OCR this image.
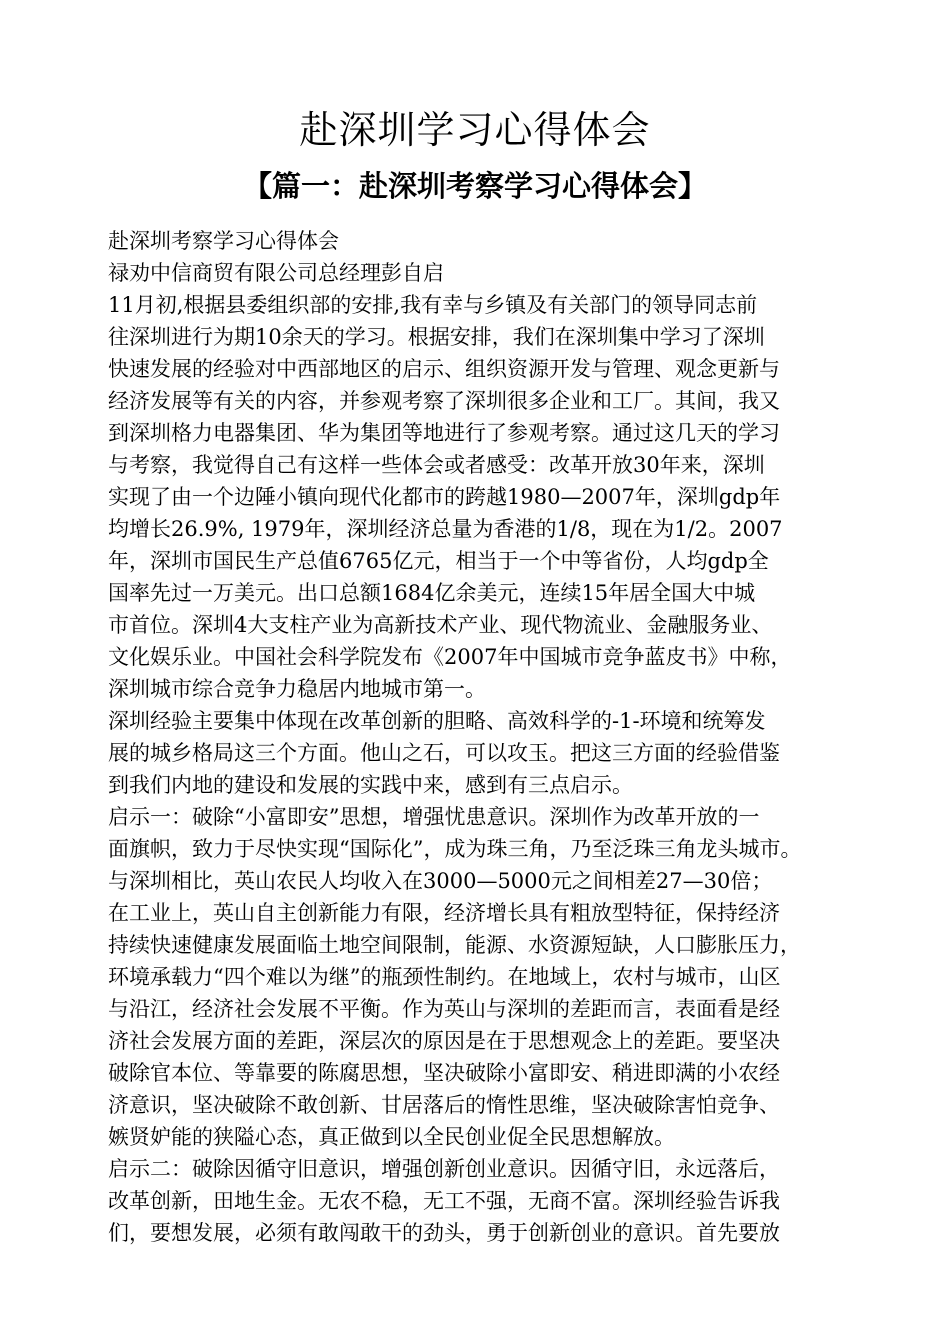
赴深圳学习心得体会
【篇一：赴深圳考察学习心得体会】
赴深圳考察学习心得体会
禄劝中信商贸有限公司总经理彭自启
11月初,根据县委组织部的安排,我有幸与乡镇及有关部门的领导同志前
往深圳进行为期10余天的学习。根据安排，我们在深圳集中学习了深圳
快速发展的经验对中西部地区的启示、组织资源开发与管理、观念更新与
经济发展等有关的内容，并参观考察了深圳很多企业和工厂。其间，我又
到深圳格力电器集团、华为集团等地进行了参观考察。通过这几天的学习
与考察，我觉得自己有这样一些体会或者感受：改革开放30年来，深圳
实现了由一个边陲小镇向现代化都市的跨越1980—2007年，深圳gdp年
均增长26.9%, 1979年，深圳经济总量为香港的1/8，现在为1/2。2007
年，深圳市国民生产总值6765亿元，相当于一个中等省份，人均gdp全
国率先过一万美元。出口总额1684亿余美元，连续15年居全国大中城
市首位。深圳4大支柱产业为高新技术产业、现代物流业、金融服务业、
文化娱乐业。中国社会科学院发布《2007年中国城市竞争蓝皮书》中称，
深圳城市综合竞争力稳居内地城市第一。
深圳经验主要集中体现在改革创新的胆略、高效科学的-1-环境和统筹发
展的城乡格局这三个方面。他山之石，可以攻玉。把这三方面的经验借鉴
到我们内地的建设和发展的实践中来，感到有三点启示。
启示一：破除“小富即安”思想，增强忧患意识。深圳作为改革开放的一
面旗帜，致力于尽快实现“国际化”，成为珠三角，乃至泛珠三角龙头城市。
与深圳相比，英山农民人均收入在3000—5000元之间相差27—30倍；
在工业上，英山自主创新能力有限，经济增长具有粗放型特征，保持经济
持续快速健康发展面临土地空间限制，能源、水资源短缺，人口膨胀压力，
环境承载力“四个难以为继”的瓶颈性制约。在地域上，农村与城市，山区
与沿江，经济社会发展不平衡。作为英山与深圳的差距而言，表面看是经
济社会发展方面的差距，深层次的原因是在于思想观念上的差距。要坚决
破除官本位、等靠要的陈腐思想，坚决破除小富即安、稍进即满的小农经
济意识，坚决破除不敢创新、甘居落后的惰性思维，坚决破除害怕竞争、
嫉贤妒能的狭隘心态，真正做到以全民创业促全民思想解放。
启示二：破除因循守旧意识，增强创新创业意识。因循守旧，永远落后，
改革创新，田地生金。无农不稳，无工不强，无商不富。深圳经验告诉我
们，要想发展，必须有敢闯敢干的劲头，勇于创新创业的意识。首先要放
